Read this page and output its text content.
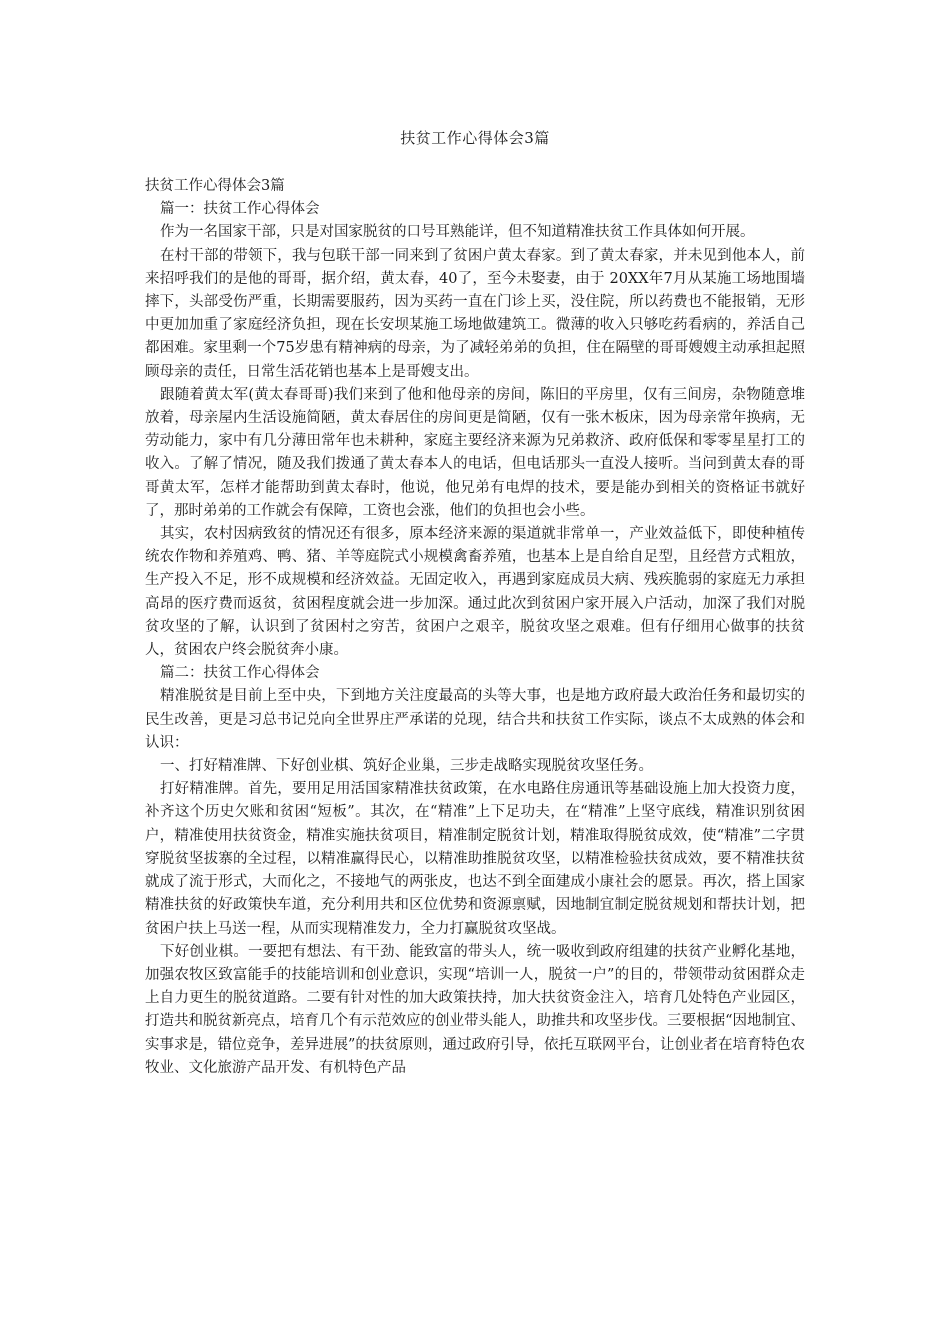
扶贫工作心得体会3篇

扶贫工作心得体会3篇

篇一：扶贫工作心得体会

作为一名国家干部，只是对国家脱贫的口号耳熟能详，但不知道精准扶贫工作具体如何开展。

在村干部的带领下，我与包联干部一同来到了贫困户黄太春家。到了黄太春家，并未见到他本人，前来招呼我们的是他的哥哥，据介绍，黄太春，40了，至今未娶妻，由于 20XX年7月从某施工场地围墙摔下，头部受伤严重，长期需要服药，因为买药一直在门诊上买，没住院，所以药费也不能报销，无形中更加加重了家庭经济负担，现在长安坝某施工场地做建筑工。微薄的收入只够吃药看病的，养活自己都困难。家里剩一个75岁患有精神病的母亲，为了减轻弟弟的负担，住在隔壁的哥哥嫂嫂主动承担起照顾母亲的责任，日常生活花销也基本上是哥嫂支出。

跟随着黄太军(黄太春哥哥)我们来到了他和他母亲的房间，陈旧的平房里，仅有三间房，杂物随意堆放着，母亲屋内生活设施简陋，黄太春居住的房间更是简陋，仅有一张木板床，因为母亲常年换病，无劳动能力，家中有几分薄田常年也未耕种，家庭主要经济来源为兄弟救济、政府低保和零零星星打工的收入。了解了情况，随及我们拨通了黄太春本人的电话，但电话那头一直没人接听。当问到黄太春的哥哥黄太军，怎样才能帮助到黄太春时，他说，他兄弟有电焊的技术，要是能办到相关的资格证书就好了，那时弟弟的工作就会有保障，工资也会涨，他们的负担也会小些。

其实，农村因病致贫的情况还有很多，原本经济来源的渠道就非常单一，产业效益低下，即使种植传统农作物和养殖鸡、鸭、猪、羊等庭院式小规模禽畜养殖，也基本上是自给自足型，且经营方式粗放，生产投入不足，形不成规模和经济效益。无固定收入，再遇到家庭成员大病、残疾脆弱的家庭无力承担高昂的医疗费而返贫，贫困程度就会进一步加深。通过此次到贫困户家开展入户活动，加深了我们对脱贫攻坚的了解，认识到了贫困村之穷苦，贫困户之艰辛，脱贫攻坚之艰难。但有仔细用心做事的扶贫人，贫困农户终会脱贫奔小康。

篇二：扶贫工作心得体会

精准脱贫是目前上至中央，下到地方关注度最高的头等大事，也是地方政府最大政治任务和最切实的民生改善，更是习总书记兑向全世界庄严承诺的兑现，结合共和扶贫工作实际，谈点不太成熟的体会和认识：

一、打好精准牌、下好创业棋、筑好企业巢，三步走战略实现脱贫攻坚任务。

打好精准牌。首先，要用足用活国家精准扶贫政策，在水电路住房通讯等基础设施上加大投资力度，补齐这个历史欠账和贫困“短板”。其次，在“精准”上下足功夫，在“精准”上坚守底线，精准识别贫困户，精准使用扶贫资金，精准实施扶贫项目，精准制定脱贫计划，精准取得脱贫成效，使“精准”二字贯穿脱贫坚拔寨的全过程，以精准赢得民心，以精准助推脱贫攻坚，以精准检验扶贫成效，要不精准扶贫就成了流于形式，大而化之，不接地气的两张皮，也达不到全面建成小康社会的愿景。再次，搭上国家精准扶贫的好政策快车道，充分利用共和区位优势和资源禀赋，因地制宜制定脱贫规划和帮扶计划，把贫困户扶上马送一程，从而实现精准发力，全力打赢脱贫攻坚战。

下好创业棋。一要把有想法、有干劲、能致富的带头人，统一吸收到政府组建的扶贫产业孵化基地，加强农牧区致富能手的技能培训和创业意识，实现“培训一人，脱贫一户”的目的，带领带动贫困群众走上自力更生的脱贫道路。二要有针对性的加大政策扶持，加大扶贫资金注入，培育几处特色产业园区，打造共和脱贫新亮点，培育几个有示范效应的创业带头能人，助推共和攻坚步伐。三要根据“因地制宜、实事求是，错位竞争，差异进展”的扶贫原则，通过政府引导，依托互联网平台，让创业者在培育特色农牧业、文化旅游产品开发、有机特色产品
